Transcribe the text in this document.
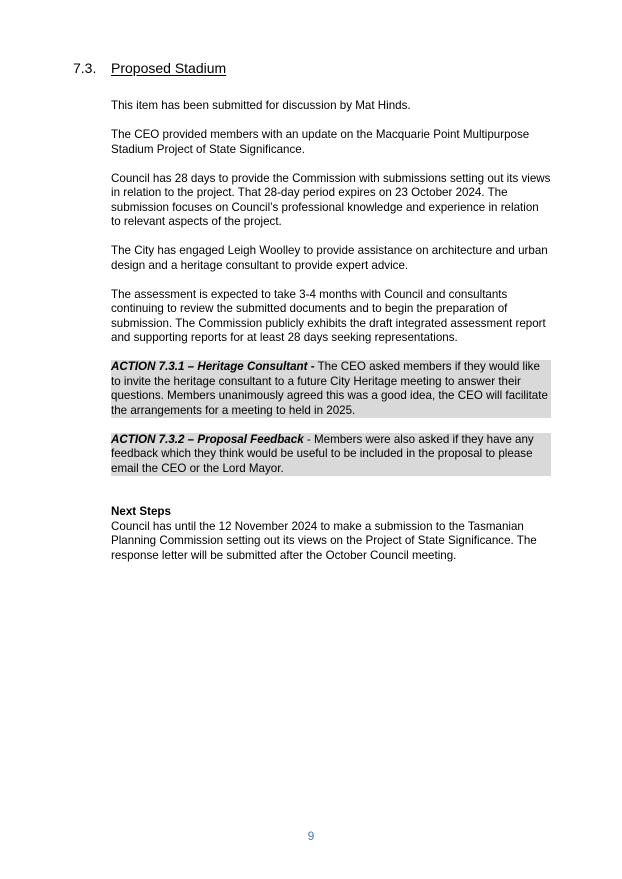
7.3. Proposed Stadium

This item has been submitted for discussion by Mat Hinds.

The CEO provided members with an update on the Macquarie Point Multipurpose Stadium Project of State Significance.

Council has 28 days to provide the Commission with submissions setting out its views in relation to the project. That 28-day period expires on 23 October 2024. The submission focuses on Council’s professional knowledge and experience in relation to relevant aspects of the project.

The City has engaged Leigh Woolley to provide assistance on architecture and urban design and a heritage consultant to provide expert advice.

The assessment is expected to take 3-4 months with Council and consultants continuing to review the submitted documents and to begin the preparation of submission. The Commission publicly exhibits the draft integrated assessment report and supporting reports for at least 28 days seeking representations.

ACTION 7.3.1 – Heritage Consultant - The CEO asked members if they would like to invite the heritage consultant to a future City Heritage meeting to answer their questions. Members unanimously agreed this was a good idea, the CEO will facilitate the arrangements for a meeting to held in 2025.

ACTION 7.3.2 – Proposal Feedback - Members were also asked if they have any feedback which they think would be useful to be included in the proposal to please email the CEO or the Lord Mayor.

Next Steps

Council has until the 12 November 2024 to make a submission to the Tasmanian Planning Commission setting out its views on the Project of State Significance. The response letter will be submitted after the October Council meeting.

9
